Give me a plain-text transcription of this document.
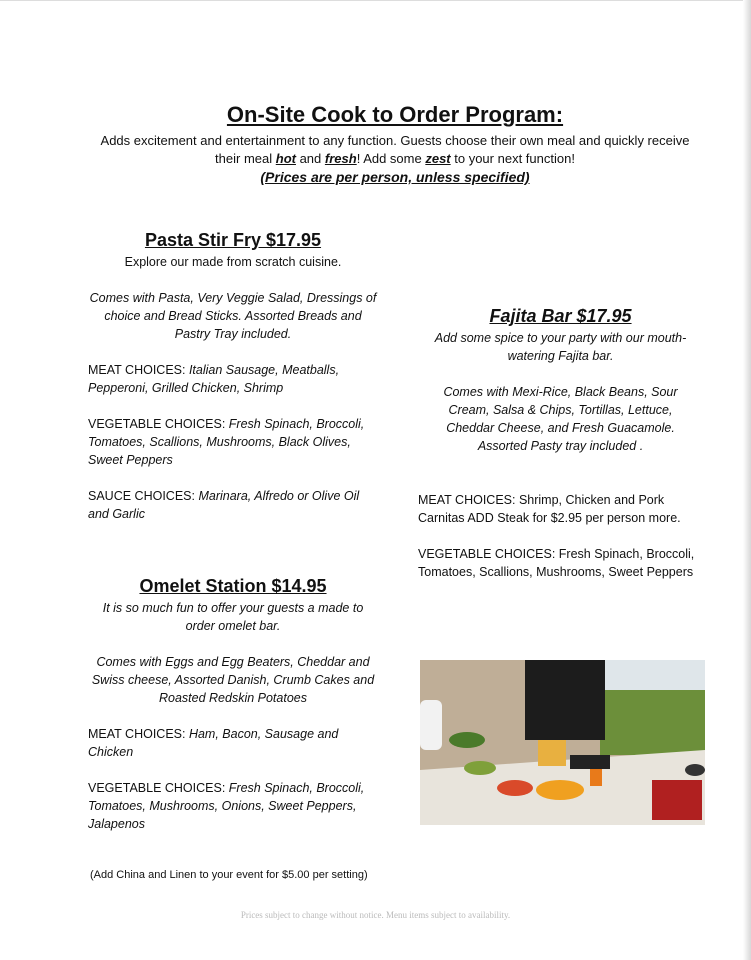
On-Site Cook to Order Program:

Adds excitement and entertainment to any function. Guests choose their own meal and quickly receive

their meal hot and fresh! Add some zest to your next function!

(Prices are per person, unless specified)

Pasta Stir Fry $17.95

Explore our made from scratch cuisine.

Comes with Pasta, Very Veggie Salad, Dressings of choice and Bread Sticks. Assorted Breads and Pastry Tray included.

MEAT CHOICES: Italian Sausage, Meatballs, Pepperoni, Grilled Chicken, Shrimp

VEGETABLE CHOICES: Fresh Spinach, Broccoli, Tomatoes, Scallions, Mushrooms, Black Olives, Sweet Peppers

SAUCE CHOICES: Marinara, Alfredo or Olive Oil and Garlic

Omelet Station $14.95

It is so much fun to offer your guests a made to order omelet bar.

Comes with Eggs and Egg Beaters, Cheddar and Swiss cheese, Assorted Danish, Crumb Cakes and Roasted Redskin Potatoes

MEAT CHOICES: Ham, Bacon, Sausage and Chicken

VEGETABLE CHOICES: Fresh Spinach, Broccoli, Tomatoes, Mushrooms, Onions, Sweet Peppers, Jalapenos

(Add China and Linen to your event for $5.00 per setting)

Fajita Bar $17.95

Add some spice to your party with our mouth-watering Fajita bar.

Comes with Mexi-Rice, Black Beans, Sour Cream, Salsa & Chips, Tortillas, Lettuce, Cheddar Cheese, and Fresh Guacamole. Assorted Pasty tray included .

MEAT CHOICES: Shrimp, Chicken and Pork Carnitas ADD Steak for $2.95 per person more.

VEGETABLE CHOICES: Fresh Spinach, Broccoli, Tomatoes, Scallions, Mushrooms, Sweet Peppers

Prices subject to change without notice. Menu items subject to availability.
